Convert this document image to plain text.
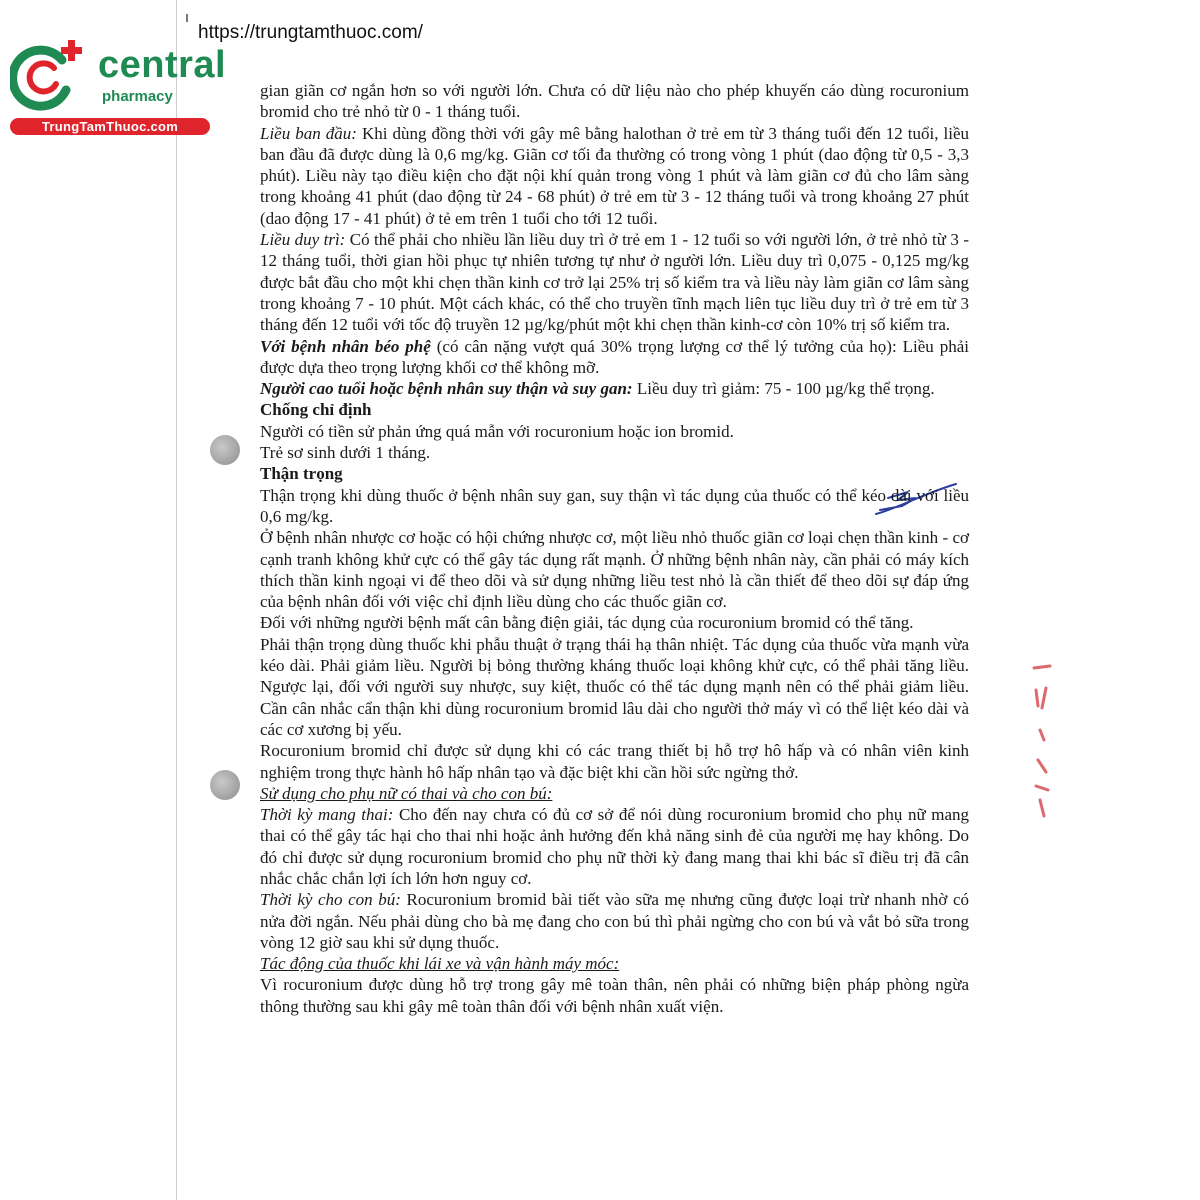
https://trungtamthuoc.com/
central
pharmacy
TrungTamThuoc.com

gian giãn cơ ngắn hơn so với người lớn. Chưa có dữ liệu nào cho phép khuyến cáo dùng rocuronium bromid cho trẻ nhỏ từ 0 - 1 tháng tuổi.

Liều ban đầu: Khi dùng đồng thời với gây mê bằng halothan ở trẻ em từ 3 tháng tuổi đến 12 tuổi, liều ban đầu đã được dùng là 0,6 mg/kg. Giãn cơ tối đa thường có trong vòng 1 phút (dao động từ 0,5 - 3,3 phút). Liều này tạo điều kiện cho đặt nội khí quản trong vòng 1 phút và làm giãn cơ đủ cho lâm sàng trong khoảng 41 phút (dao động từ 24 - 68 phút) ở trẻ em từ 3 - 12 tháng tuổi và trong khoảng 27 phút (dao động 17 - 41 phút) ở tẻ em trên 1 tuổi cho tới 12 tuổi.

Liều duy trì: Có thể phải cho nhiều lần liều duy trì ở trẻ em 1 - 12 tuổi so với người lớn, ở trẻ nhỏ từ 3 - 12 tháng tuổi, thời gian hồi phục tự nhiên tương tự như ở người lớn. Liều duy trì 0,075 - 0,125 mg/kg được bắt đầu cho một khi chẹn thần kinh cơ trở lại 25% trị số kiểm tra và liều này làm giãn cơ lâm sàng trong khoảng 7 - 10 phút. Một cách khác, có thể cho truyền tĩnh mạch liên tục liều duy trì ở trẻ em từ 3 tháng đến 12 tuổi với tốc độ truyền 12 µg/kg/phút một khi chẹn thần kinh-cơ còn 10% trị số kiểm tra.

Với bệnh nhân béo phệ (có cân nặng vượt quá 30% trọng lượng cơ thể lý tưởng của họ): Liều phải được dựa theo trọng lượng khối cơ thể không mỡ.

Người cao tuổi hoặc bệnh nhân suy thận và suy gan: Liều duy trì giảm: 75 - 100 µg/kg thể trọng.

Chống chỉ định

Người có tiền sử phản ứng quá mẫn với rocuronium hoặc ion bromid.

Trẻ sơ sinh dưới 1 tháng.

Thận trọng

Thận trọng khi dùng thuốc ở bệnh nhân suy gan, suy thận vì tác dụng của thuốc có thể kéo dài với liều 0,6 mg/kg.

Ở bệnh nhân nhược cơ hoặc có hội chứng nhược cơ, một liều nhỏ thuốc giãn cơ loại chẹn thần kinh - cơ cạnh tranh không khử cực có thể gây tác dụng rất mạnh. Ở những bệnh nhân này, cần phải có máy kích thích thần kinh ngoại vi để theo dõi và sử dụng những liều test nhỏ là cần thiết để theo dõi sự đáp ứng của bệnh nhân đối với việc chỉ định liều dùng cho các thuốc giãn cơ.

Đối với những người bệnh mất cân bằng điện giải, tác dụng của rocuronium bromid có thể tăng.

Phải thận trọng dùng thuốc khi phẫu thuật ở trạng thái hạ thân nhiệt. Tác dụng của thuốc vừa mạnh vừa kéo dài. Phải giảm liều. Người bị bỏng thường kháng thuốc loại không khử cực, có thể phải tăng liều. Ngược lại, đối với người suy nhược, suy kiệt, thuốc có thể tác dụng mạnh nên có thể phải giảm liều. Cần cân nhắc cẩn thận khi dùng rocuronium bromid lâu dài cho người thở máy vì có thể liệt kéo dài và các cơ xương bị yếu.

Rocuronium bromid chỉ được sử dụng khi có các trang thiết bị hỗ trợ hô hấp và có nhân viên kinh nghiệm trong thực hành hô hấp nhân tạo và đặc biệt khi cần hồi sức ngừng thở.

Sử dụng cho phụ nữ có thai và cho con bú:

Thời kỳ mang thai: Cho đến nay chưa có đủ cơ sở để nói dùng rocuronium bromid cho phụ nữ mang thai có thể gây tác hại cho thai nhi hoặc ảnh hưởng đến khả năng sinh đẻ của người mẹ hay không. Do đó chỉ được sử dụng rocuronium bromid cho phụ nữ thời kỳ đang mang thai khi bác sĩ điều trị đã cân nhắc chắc chắn lợi ích lớn hơn nguy cơ.

Thời kỳ cho con bú: Rocuronium bromid bài tiết vào sữa mẹ nhưng cũng được loại trừ nhanh nhờ có nửa đời ngắn. Nếu phải dùng cho bà mẹ đang cho con bú thì phải ngừng cho con bú và vắt bỏ sữa trong vòng 12 giờ sau khi sử dụng thuốc.

Tác động của thuốc khi lái xe và vận hành máy móc:

Vì rocuronium được dùng hỗ trợ trong gây mê toàn thân, nên phải có những biện pháp phòng ngừa thông thường sau khi gây mê toàn thân đối với bệnh nhân xuất viện.
